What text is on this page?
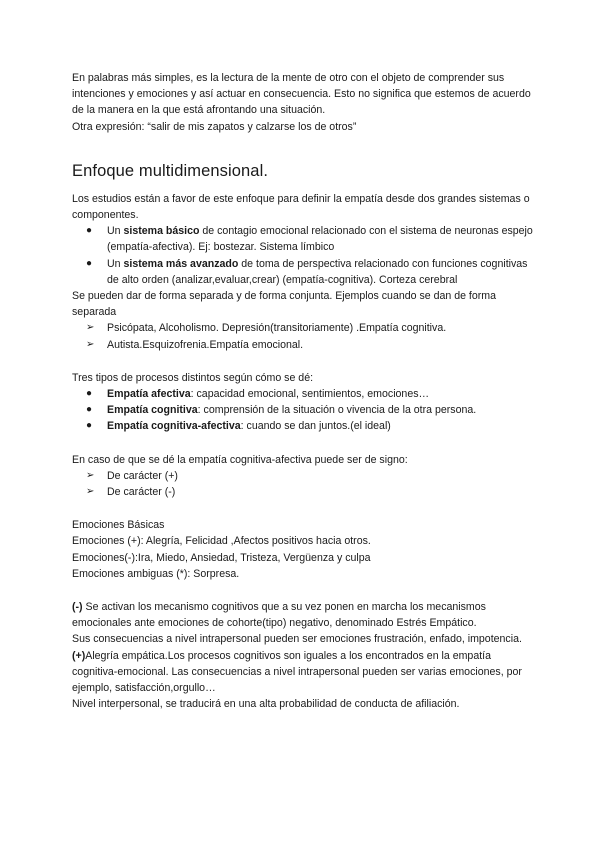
En palabras más simples, es la lectura de la mente de otro con el objeto de comprender sus intenciones y emociones y así actuar en consecuencia. Esto no significa que estemos de acuerdo de la manera en la que está afrontando una situación.

Otra expresión: “salir de mis zapatos y calzarse los de otros”

Enfoque multidimensional.

Los estudios están a favor de este enfoque para definir la empatía desde dos grandes sistemas o componentes.

●	Un sistema básico de contagio emocional relacionado con el sistema de neuronas espejo (empatía-afectiva). Ej: bostezar. Sistema límbico
●	Un sistema más avanzado de toma de perspectiva relacionado con funciones cognitivas de alto orden (analizar,evaluar,crear) (empatía-cognitiva). Corteza cerebral

Se pueden dar de forma separada y de forma conjunta. Ejemplos cuando se dan de forma separada

➢	Psicópata, Alcoholismo. Depresión(transitoriamente) .Empatía cognitiva.
➢	Autista.Esquizofrenia.Empatía emocional.

Tres tipos de procesos distintos según cómo se dé:

●	Empatía afectiva: capacidad emocional, sentimientos, emociones…
●	Empatía cognitiva: comprensión de la situación o vivencia de la otra persona.
●	Empatía cognitiva-afectiva: cuando se dan juntos.(el ideal)

En caso de que se dé la empatía cognitiva-afectiva puede ser de signo:

➢	De carácter (+)
➢	De carácter (-)

Emociones Básicas

Emociones (+): Alegría, Felicidad ,Afectos positivos hacia otros.

Emociones(-):Ira, Miedo, Ansiedad, Tristeza, Vergüenza y culpa

Emociones ambiguas (*): Sorpresa.

(-) Se activan los mecanismo cognitivos que a su vez ponen en marcha los mecanismos emocionales ante emociones de cohorte(tipo) negativo, denominado Estrés Empático.

Sus consecuencias a nivel intrapersonal pueden ser emociones frustración, enfado, impotencia.

(+)Alegría empática.Los procesos cognitivos son iguales a los encontrados en la empatía cognitiva-emocional. Las consecuencias a nivel intrapersonal pueden ser varias emociones, por ejemplo, satisfacción,orgullo…

Nivel interpersonal, se traducirá en una alta probabilidad de conducta de afiliación.
